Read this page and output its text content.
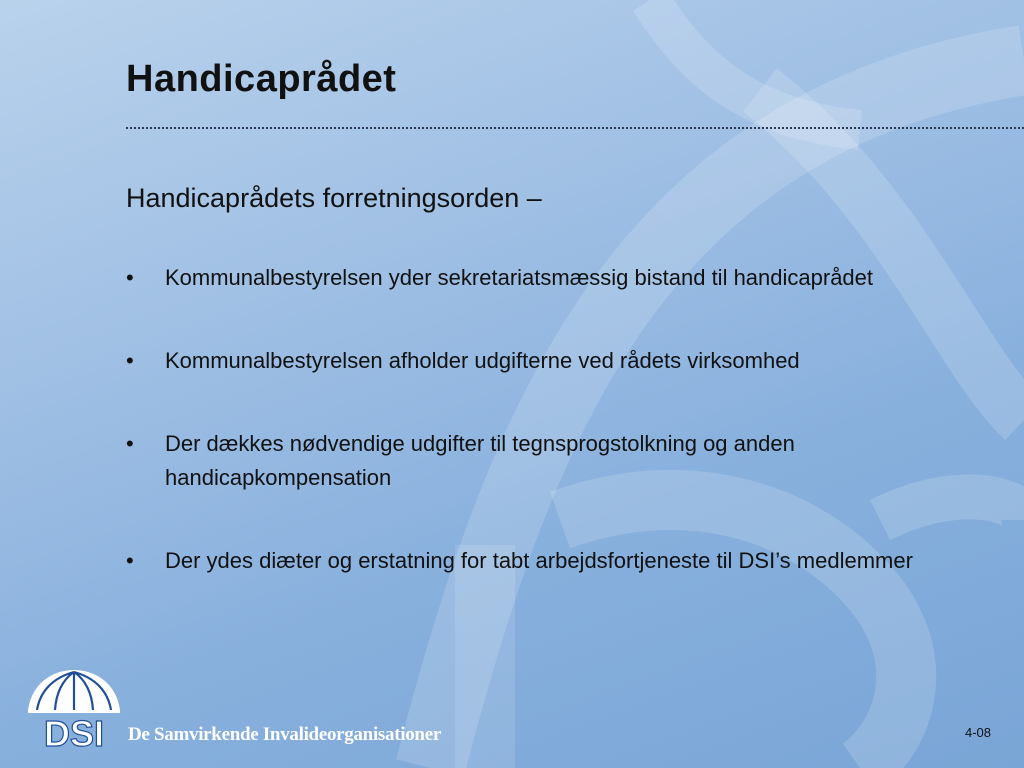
Handicaprådet
Handicaprådets forretningsorden –
• Kommunalbestyrelsen yder sekretariatsmæssig bistand til handicaprådet
• Kommunalbestyrelsen afholder udgifterne ved rådets virksomhed
• Der dækkes nødvendige udgifter til tegnsprogstolkning og anden handicapkompensation
• Der ydes diæter og erstatning for tabt arbejdsfortjeneste til DSI’s medlemmer
DSI De Samvirkende Invalideorganisationer	4-08
